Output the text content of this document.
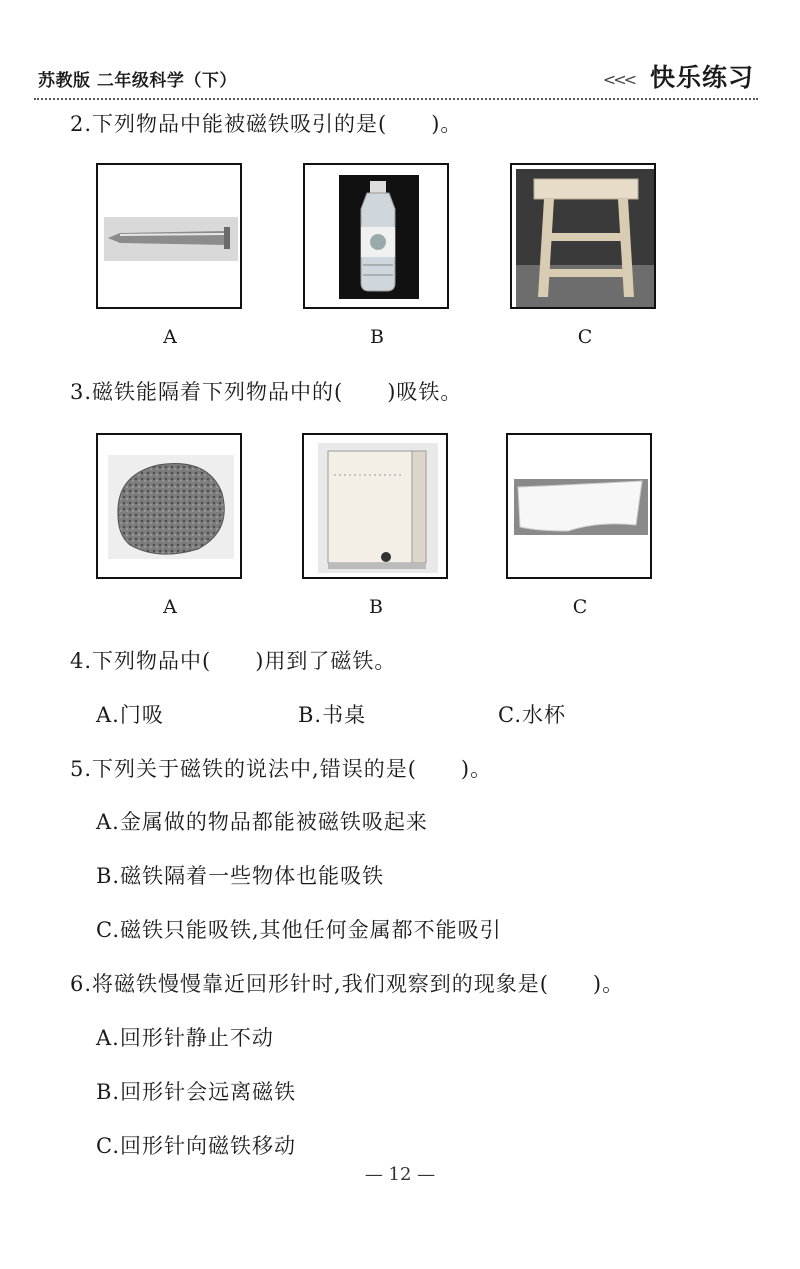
苏教版 二年级科学（下）	<<< 快乐练习
2.下列物品中能被磁铁吸引的是(　　)。
A	B	C
3.磁铁能隔着下列物品中的(　　)吸铁。
A	B	C
4.下列物品中(　　)用到了磁铁。
A.门吸	B.书桌	C.水杯
5.下列关于磁铁的说法中,错误的是(　　)。
A.金属做的物品都能被磁铁吸起来
B.磁铁隔着一些物体也能吸铁
C.磁铁只能吸铁,其他任何金属都不能吸引
6.将磁铁慢慢靠近回形针时,我们观察到的现象是(　　)。
A.回形针静止不动
B.回形针会远离磁铁
C.回形针向磁铁移动
— 12 —
